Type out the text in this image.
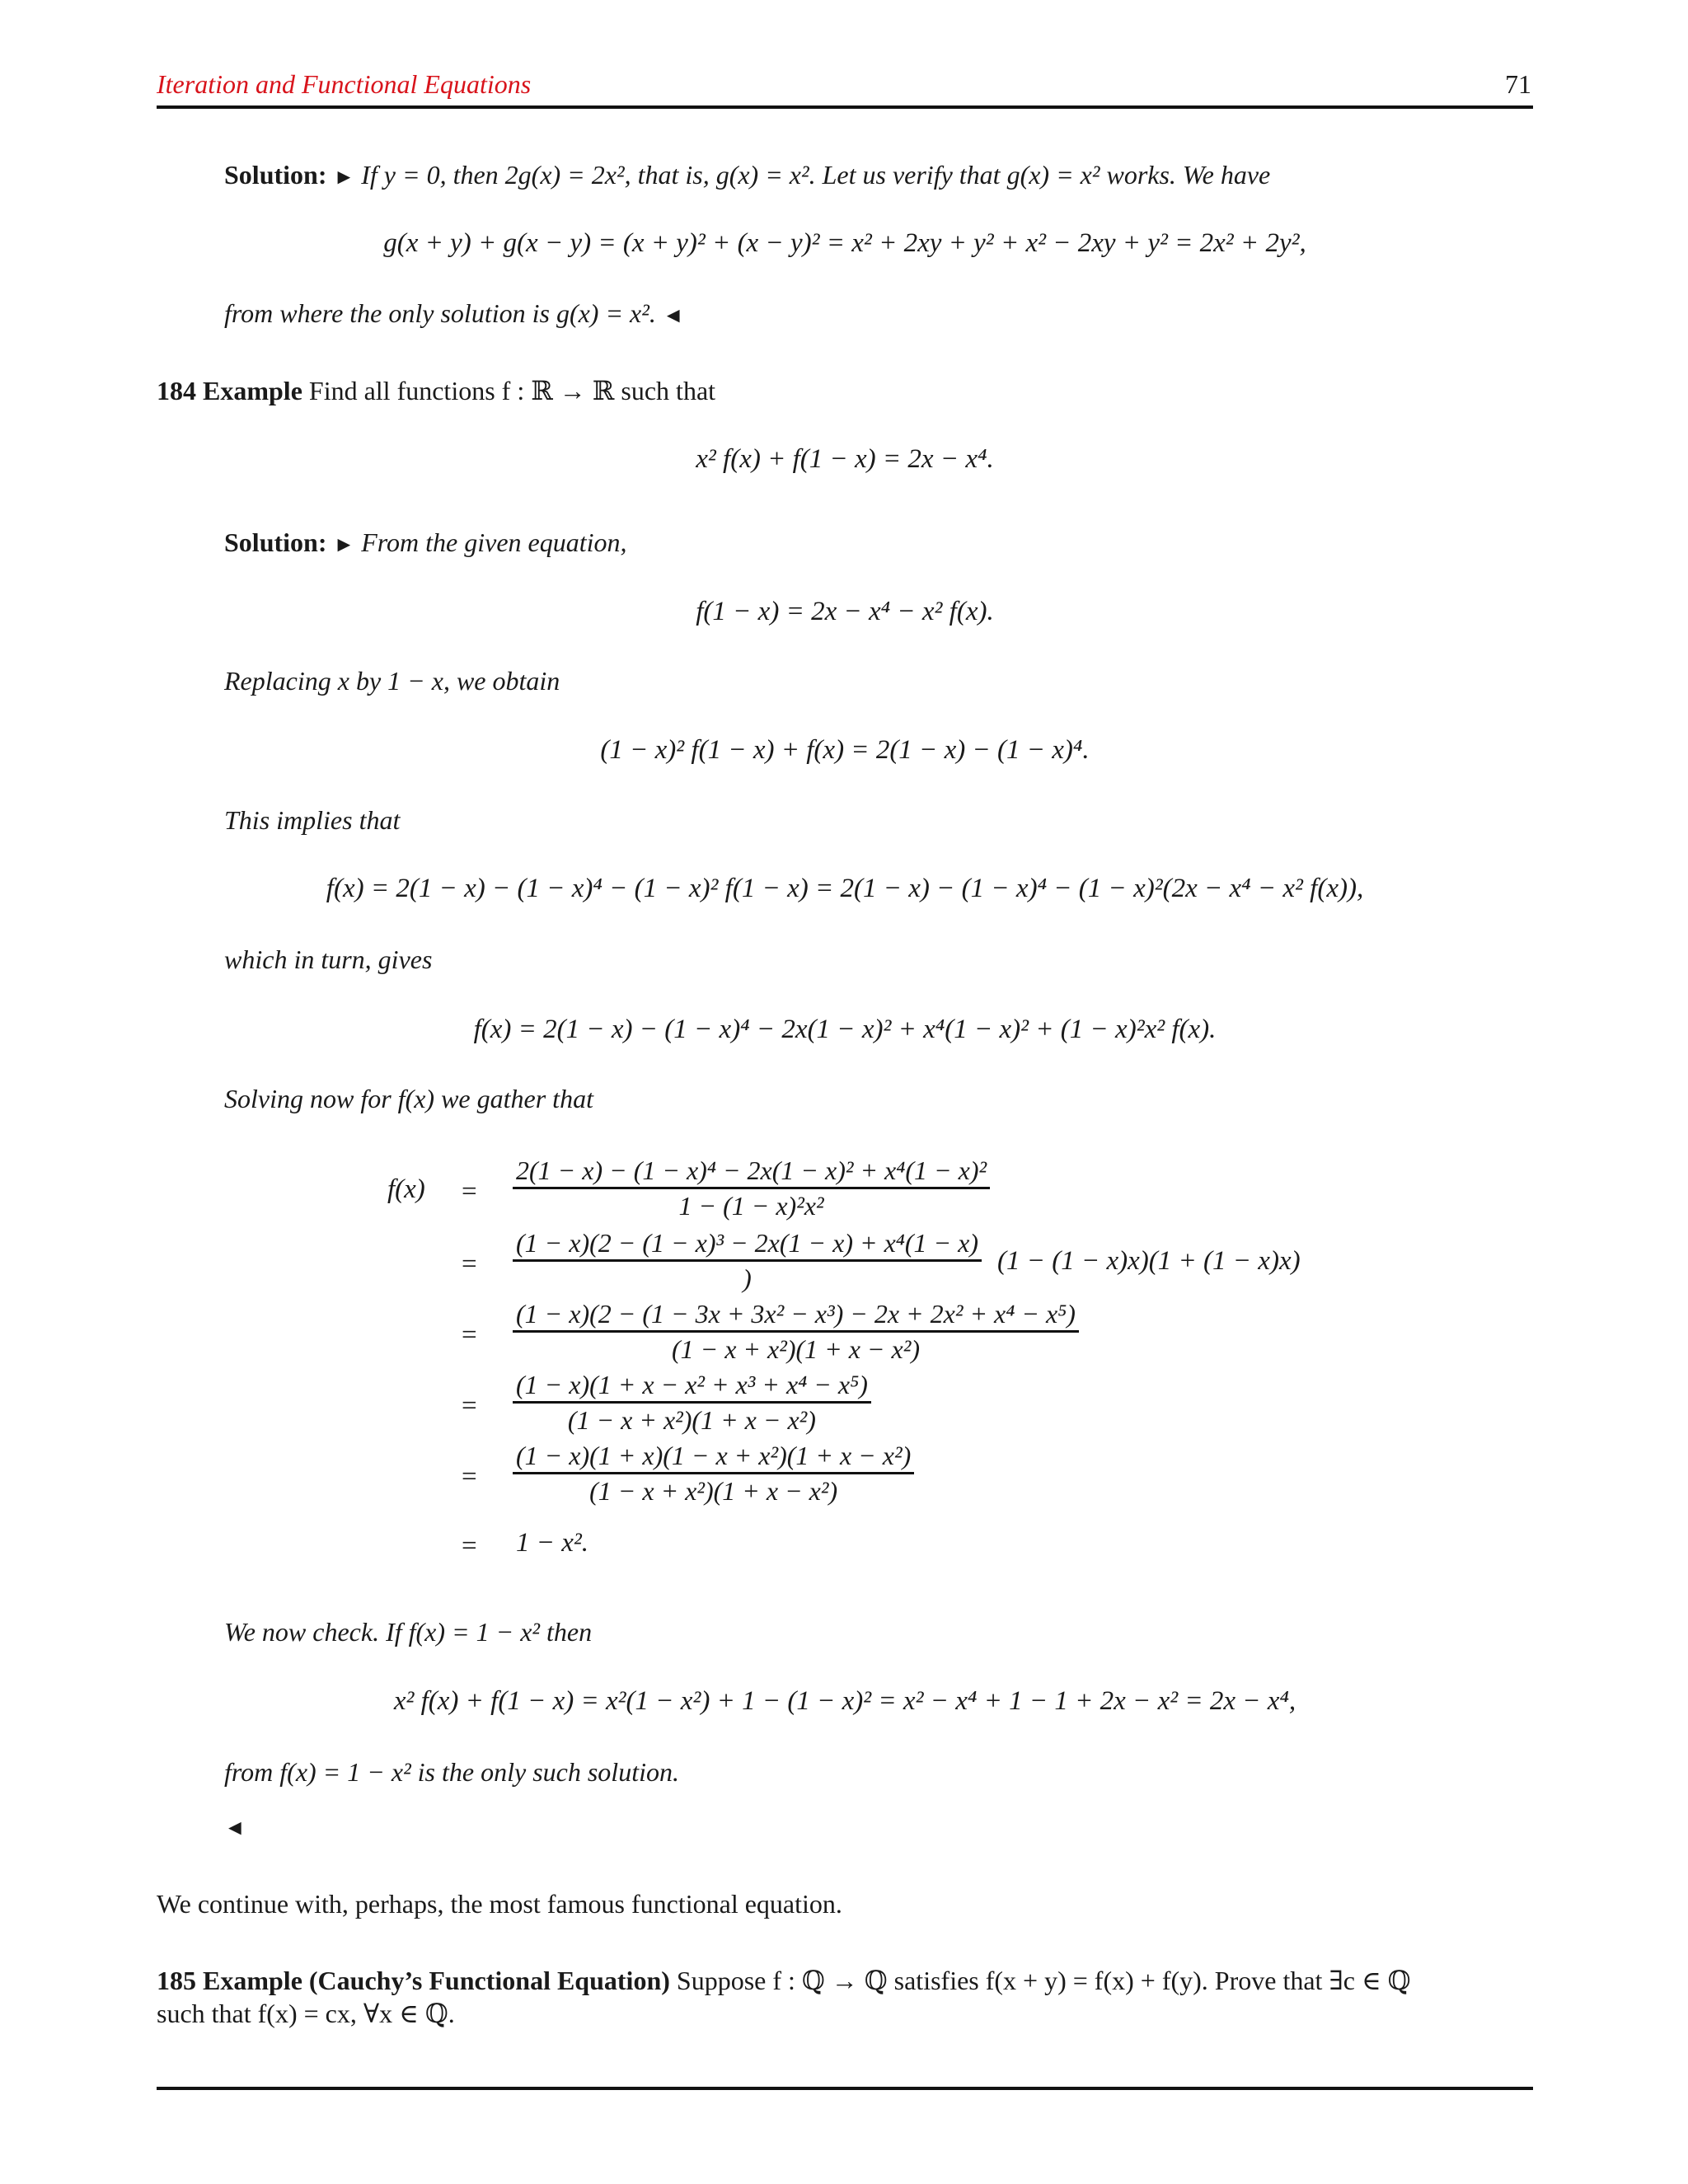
Iteration and Functional Equations	71
Solution: ► If y = 0, then 2g(x) = 2x², that is, g(x) = x². Let us verify that g(x) = x² works. We have
g(x + y) + g(x − y) = (x + y)² + (x − y)² = x² + 2xy + y² + x² − 2xy + y² = 2x² + 2y²,
from where the only solution is g(x) = x². ◄
184 Example Find all functions f : ℝ → ℝ such that
x² f(x) + f(1 − x) = 2x − x⁴.
Solution: ► From the given equation,
f(1 − x) = 2x − x⁴ − x² f(x).
Replacing x by 1 − x, we obtain
(1 − x)² f(1 − x) + f(x) = 2(1 − x) − (1 − x)⁴.
This implies that
f(x) = 2(1 − x) − (1 − x)⁴ − (1 − x)² f(1 − x) = 2(1 − x) − (1 − x)⁴ − (1 − x)²(2x − x⁴ − x² f(x)),
which in turn, gives
f(x) = 2(1 − x) − (1 − x)⁴ − 2x(1 − x)² + x⁴(1 − x)² + (1 − x)²x² f(x).
Solving now for f(x) we gather that
f(x) =
2(1 − x) − (1 − x)⁴ − 2x(1 − x)² + x⁴(1 − x)²
1 − (1 − x)²x²
=
(1 − x)(2 − (1 − x)³ − 2x(1 − x) + x⁴(1 − x)
)
(1 − (1 − x)x)(1 + (1 − x)x)
=
(1 − x)(2 − (1 − 3x + 3x² − x³) − 2x + 2x² + x⁴ − x⁵)
(1 − x + x²)(1 + x − x²)
=
(1 − x)(1 + x − x² + x³ + x⁴ − x⁵)
(1 − x + x²)(1 + x − x²)
=
(1 − x)(1 + x)(1 − x + x²)(1 + x − x²)
(1 − x + x²)(1 + x − x²)
= 1 − x².
We now check. If f(x) = 1 − x² then
x² f(x) + f(1 − x) = x²(1 − x²) + 1 − (1 − x)² = x² − x⁴ + 1 − 1 + 2x − x² = 2x − x⁴,
from f(x) = 1 − x² is the only such solution.
◄
We continue with, perhaps, the most famous functional equation.
185 Example (Cauchy’s Functional Equation) Suppose f : ℚ → ℚ satisfies f(x + y) = f(x) + f(y). Prove that ∃c ∈ ℚ
such that f(x) = cx, ∀x ∈ ℚ.
